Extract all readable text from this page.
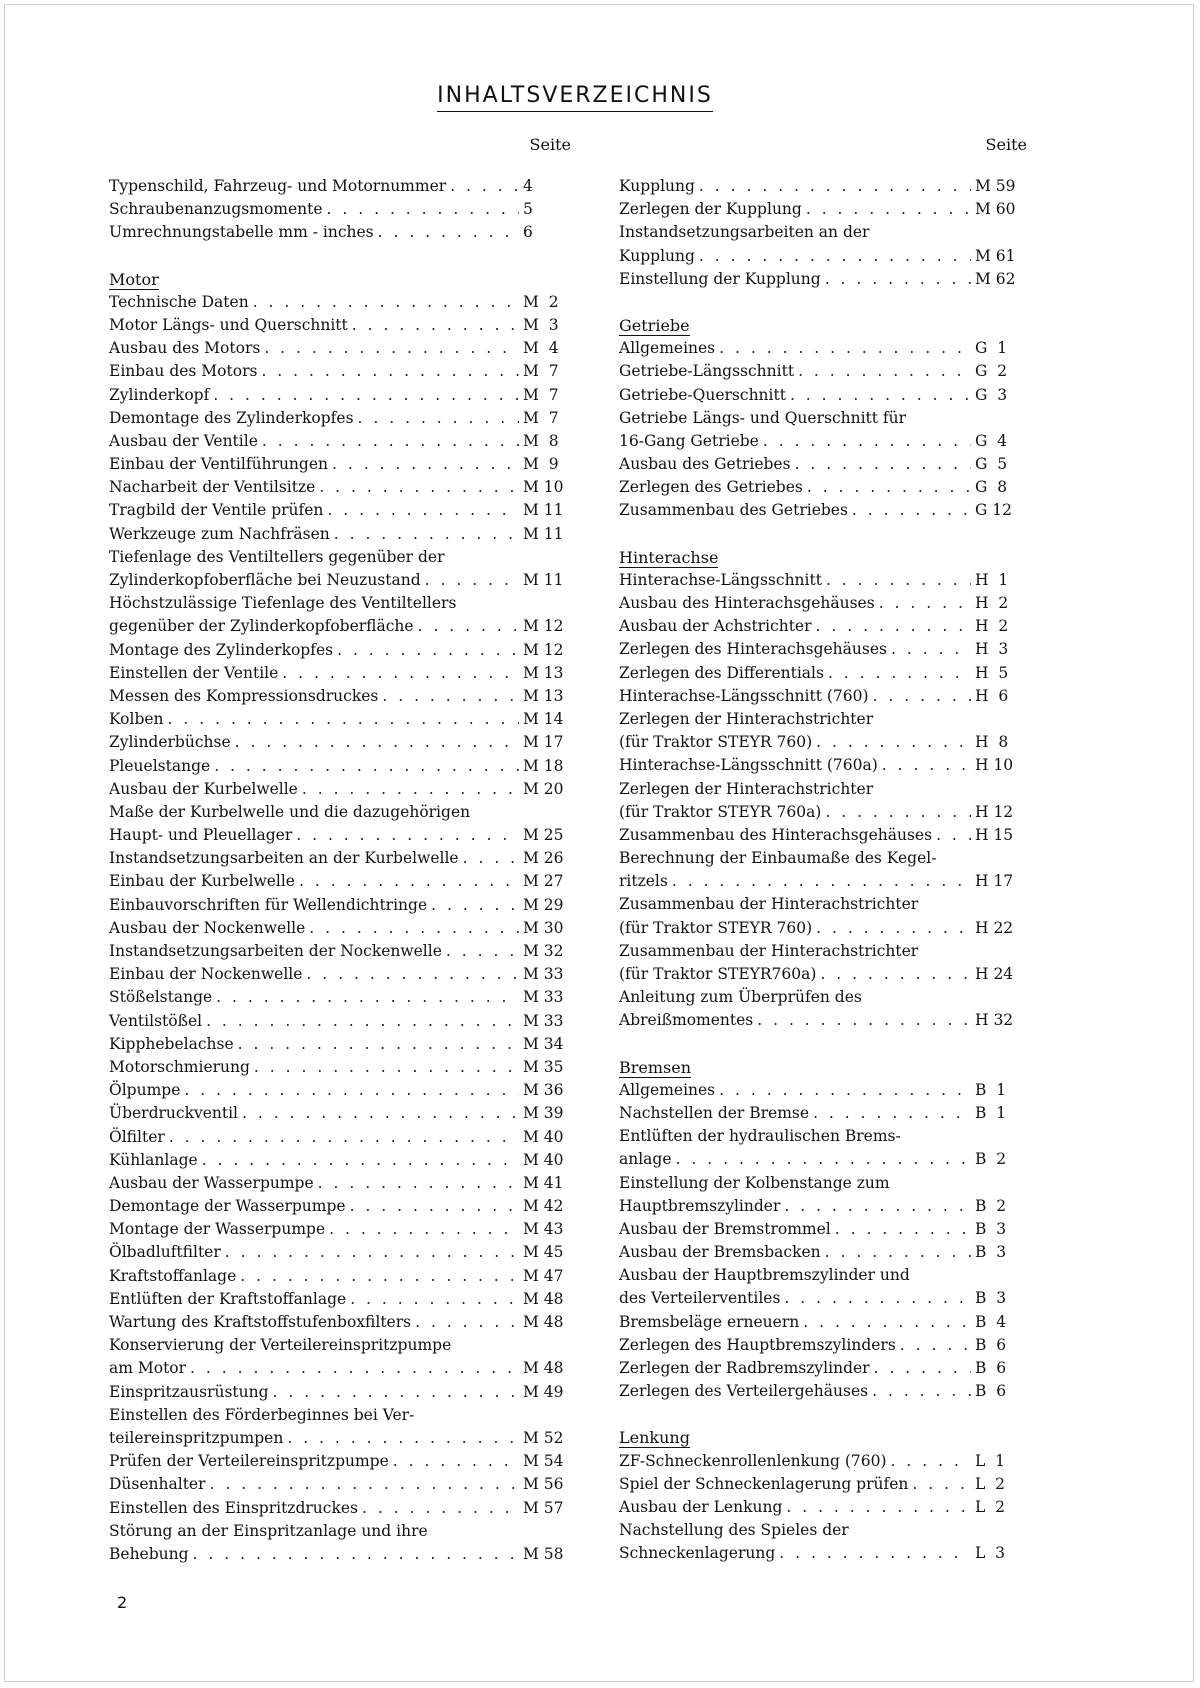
INHALTSVERZEICHNIS
Seite
Typenschild, Fahrzeug- und Motornummer . . .	4
Schraubenanzugsmomente . . .	5
Umrechnungstabelle mm - inches . . .	6
Motor
Technische Daten . . .	M  2
Motor Längs- und Querschnitt . . .	M  3
Ausbau des Motors . . .	M  4
Einbau des Motors . . .	M  7
Zylinderkopf . . .	M  7
Demontage des Zylinderkopfes . . .	M  7
Ausbau der Ventile . . .	M  8
Einbau der Ventilführungen . . .	M  9
Nacharbeit der Ventilsitze . . .	M 10
Tragbild der Ventile prüfen . . .	M 11
Werkzeuge zum Nachfräsen . . .	M 11
Tiefenlage des Ventiltellers gegenüber der
Zylinderkopfoberfläche bei Neuzustand . . .	M 11
Höchstzulässige Tiefenlage des Ventiltellers
gegenüber der Zylinderkopfoberfläche . . .	M 12
Montage des Zylinderkopfes . . .	M 12
Einstellen der Ventile . . .	M 13
Messen des Kompressionsdruckes . . .	M 13
Kolben . . .	M 14
Zylinderbüchse . . .	M 17
Pleuelstange . . .	M 18
Ausbau der Kurbelwelle . . .	M 20
Maße der Kurbelwelle und die dazugehörigen
Haupt- und Pleuellager . . .	M 25
Instandsetzungsarbeiten an der Kurbelwelle . . .	M 26
Einbau der Kurbelwelle . . .	M 27
Einbauvorschriften für Wellendichtringe . . .	M 29
Ausbau der Nockenwelle . . .	M 30
Instandsetzungsarbeiten der Nockenwelle . . .	M 32
Einbau der Nockenwelle . . .	M 33
Stößelstange . . .	M 33
Ventilstößel . . .	M 33
Kipphebelachse . . .	M 34
Motorschmierung . . .	M 35
Ölpumpe . . .	M 36
Überdruckventil . . .	M 39
Ölfilter . . .	M 40
Kühlanlage . . .	M 40
Ausbau der Wasserpumpe . . .	M 41
Demontage der Wasserpumpe . . .	M 42
Montage der Wasserpumpe . . .	M 43
Ölbadluftfilter . . .	M 45
Kraftstoffanlage . . .	M 47
Entlüften der Kraftstoffanlage . . .	M 48
Wartung des Kraftstoffstufenboxfilters . . .	M 48
Konservierung der Verteilereinspritzpumpe
am Motor . . .	M 48
Einspritzausrüstung . . .	M 49
Einstellen des Förderbeginnes bei Ver-
teilereinspritzpumpen . . .	M 52
Prüfen der Verteilereinspritzpumpe . . .	M 54
Düsenhalter . . .	M 56
Einstellen des Einspritzdruckes . . .	M 57
Störung an der Einspritzanlage und ihre
Behebung . . .	M 58
Seite
Kupplung . . .	M 59
Zerlegen der Kupplung . . .	M 60
Instandsetzungsarbeiten an der
Kupplung . . .	M 61
Einstellung der Kupplung . . .	M 62
Getriebe
Allgemeines . . .	G  1
Getriebe-Längsschnitt . . .	G  2
Getriebe-Querschnitt . . .	G  3
Getriebe Längs- und Querschnitt für
16-Gang Getriebe . . .	G  4
Ausbau des Getriebes . . .	G  5
Zerlegen des Getriebes . . .	G  8
Zusammenbau des Getriebes . . .	G 12
Hinterachse
Hinterachse-Längsschnitt . . .	H  1
Ausbau des Hinterachsgehäuses . . .	H  2
Ausbau der Achstrichter . . .	H  2
Zerlegen des Hinterachsgehäuses . . .	H  3
Zerlegen des Differentials . . .	H  5
Hinterachse-Längsschnitt (760) . . .	H  6
Zerlegen der Hinterachstrichter
(für Traktor STEYR 760) . . .	H  8
Hinterachse-Längsschnitt (760a) . . .	H 10
Zerlegen der Hinterachstrichter
(für Traktor STEYR 760a) . . .	H 12
Zusammenbau des Hinterachsgehäuses . . .	H 15
Berechnung der Einbaumaße des Kegel-
ritzels . . .	H 17
Zusammenbau der Hinterachstrichter
(für Traktor STEYR 760) . . .	H 22
Zusammenbau der Hinterachstrichter
(für Traktor STEYR760a) . . .	H 24
Anleitung zum Überprüfen des
Abreißmomentes . . .	H 32
Bremsen
Allgemeines . . .	B  1
Nachstellen der Bremse . . .	B  1
Entlüften der hydraulischen Brems-
anlage . . .	B  2
Einstellung der Kolbenstange zum
Hauptbremszylinder . . .	B  2
Ausbau der Bremstrommel . . .	B  3
Ausbau der Bremsbacken . . .	B  3
Ausbau der Hauptbremszylinder und
des Verteilerventiles . . .	B  3
Bremsbeläge erneuern . . .	B  4
Zerlegen des Hauptbremszylinders . . .	B  6
Zerlegen der Radbremszylinder . . .	B  6
Zerlegen des Verteilergehäuses . . .	B  6
Lenkung
ZF-Schneckenrollenlenkung (760) . . .	L  1
Spiel der Schneckenlagerung prüfen . . .	L  2
Ausbau der Lenkung . . .	L  2
Nachstellung des Spieles der
Schneckenlagerung . . .	L  3
2
